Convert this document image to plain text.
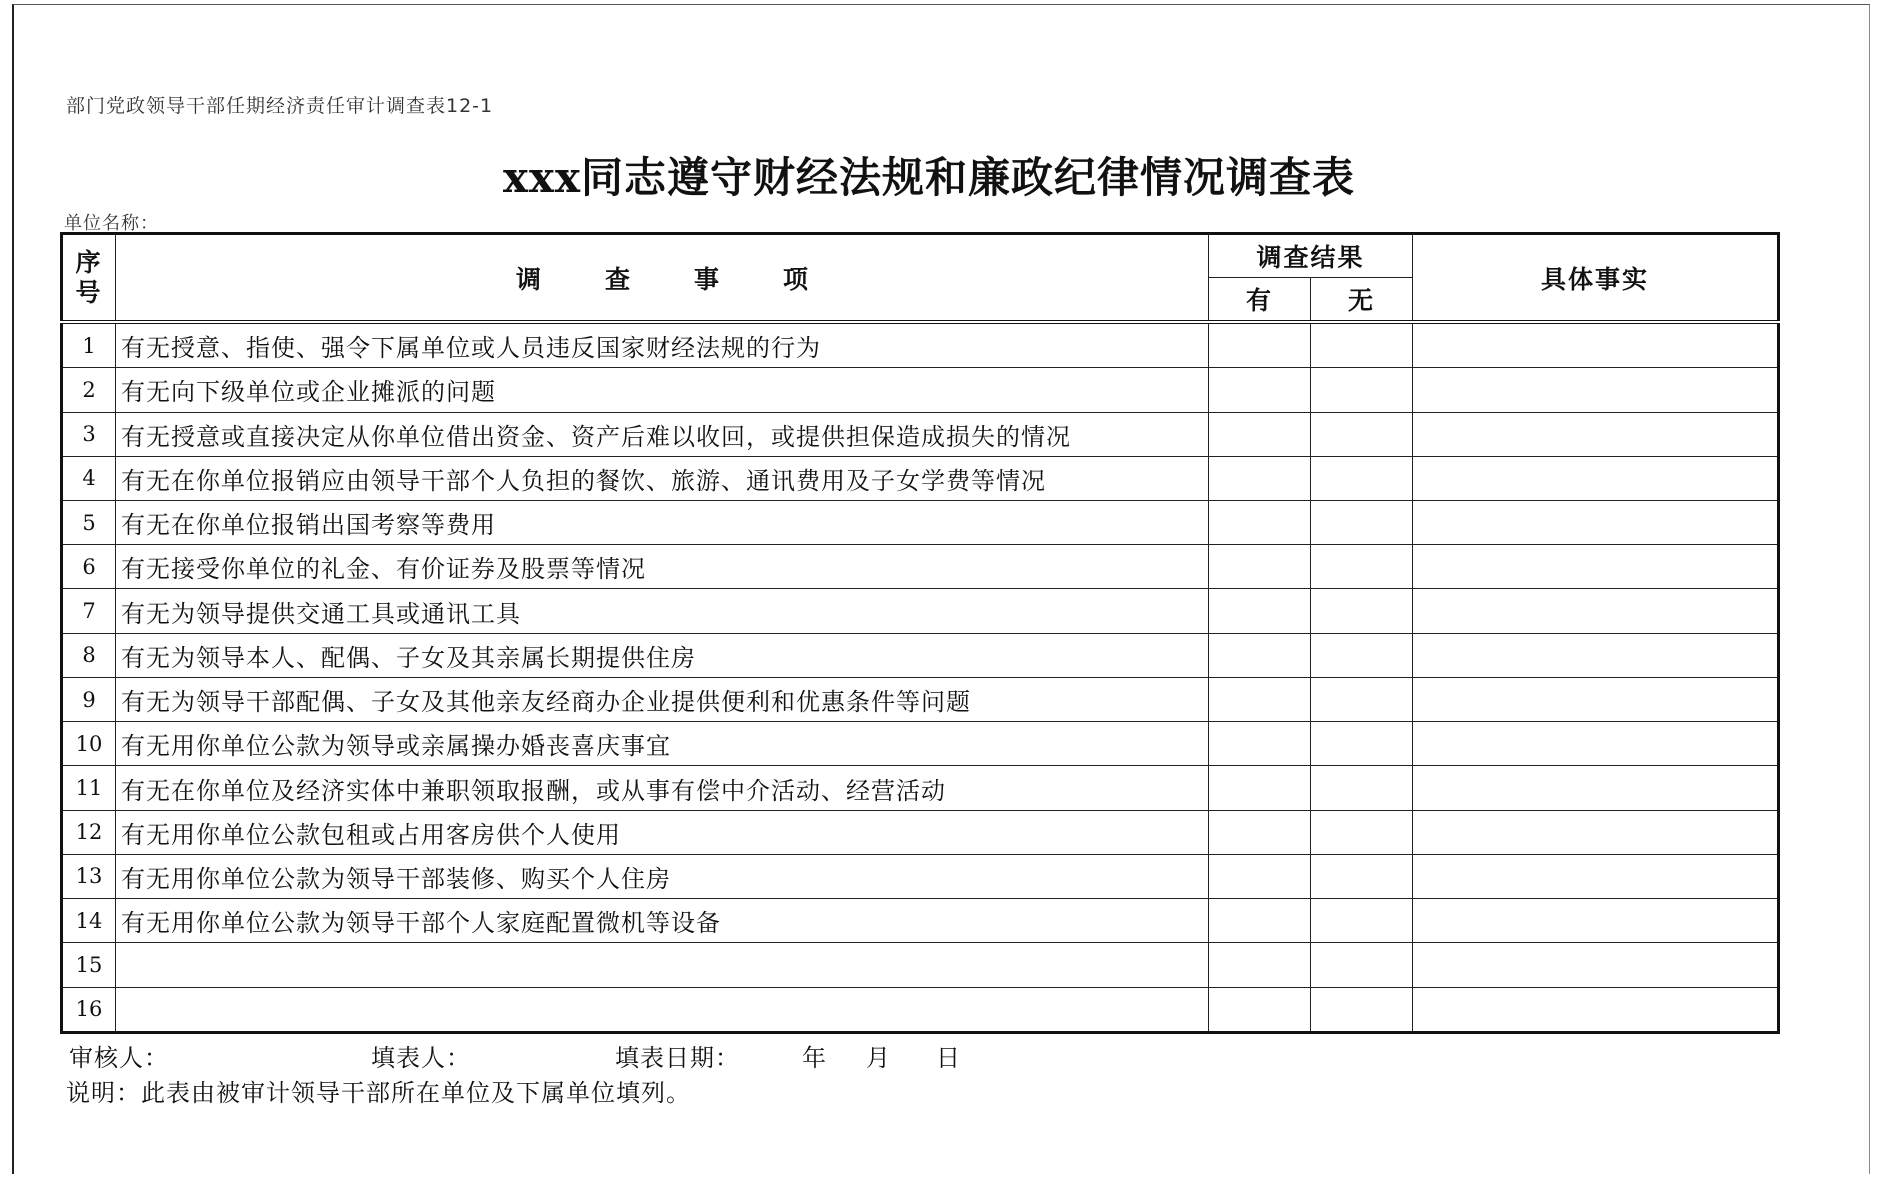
部门党政领导干部任期经济责任审计调查表12-1
xxx同志遵守财经法规和廉政纪律情况调查表
单位名称：
序号	调 查 事 项	调查结果		具体事实
		有	无	
1	有无授意、指使、强令下属单位或人员违反国家财经法规的行为			
2	有无向下级单位或企业摊派的问题			
3	有无授意或直接决定从你单位借出资金、资产后难以收回，或提供担保造成损失的情况			
4	有无在你单位报销应由领导干部个人负担的餐饮、旅游、通讯费用及子女学费等情况			
5	有无在你单位报销出国考察等费用			
6	有无接受你单位的礼金、有价证券及股票等情况			
7	有无为领导提供交通工具或通讯工具			
8	有无为领导本人、配偶、子女及其亲属长期提供住房			
9	有无为领导干部配偶、子女及其他亲友经商办企业提供便利和优惠条件等问题			
10	有无用你单位公款为领导或亲属操办婚丧喜庆事宜			
11	有无在你单位及经济实体中兼职领取报酬，或从事有偿中介活动、经营活动			
12	有无用你单位公款包租或占用客房供个人使用			
13	有无用你单位公款为领导干部装修、购买个人住房			
14	有无用你单位公款为领导干部个人家庭配置微机等设备			
15				
16				
审核人：	填表人：	填表日期：	年 月 日
说明：此表由被审计领导干部所在单位及下属单位填列。
